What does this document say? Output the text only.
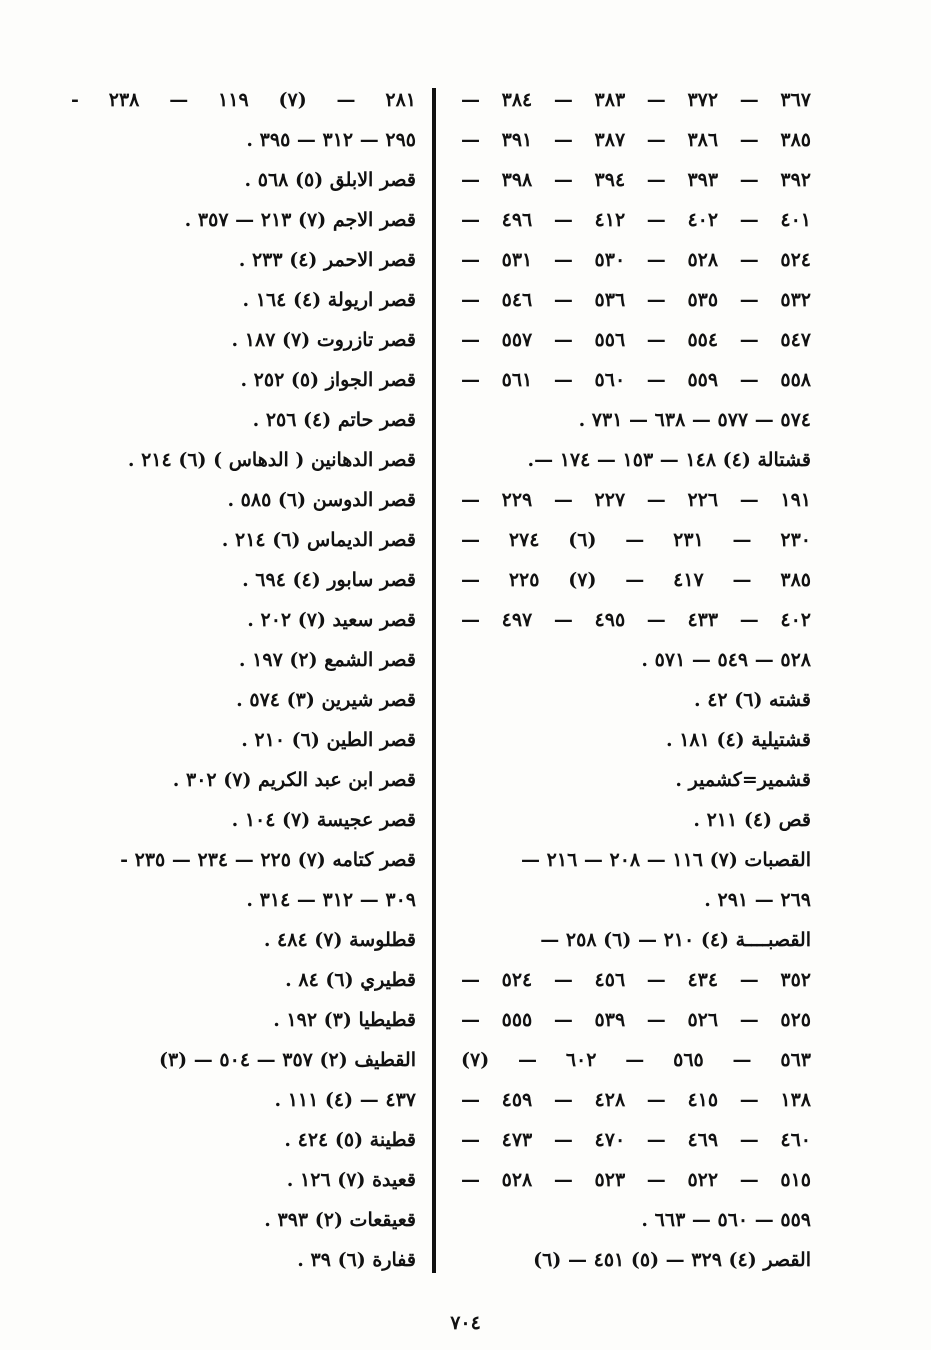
٣٦٧ — ٣٧٢ — ٣٨٣ — ٣٨٤ —
٣٨٥ — ٣٨٦ — ٣٨٧ — ٣٩١ —
٣٩٢ — ٣٩٣ — ٣٩٤ — ٣٩٨ —
٤٠١ — ٤٠٢ — ٤١٢ — ٤٩٦ —
٥٢٤ — ٥٢٨ — ٥٣٠ — ٥٣١ —
٥٣٢ — ٥٣٥ — ٥٣٦ — ٥٤٦ —
٥٤٧ — ٥٥٤ — ٥٥٦ — ٥٥٧ —
٥٥٨ — ٥٥٩ — ٥٦٠ — ٥٦١ —
٥٧٤ — ٥٧٧ — ٦٣٨ — ٧٣١ .
قشتالة (٤) ١٤٨ — ١٥٣ — ١٧٤ —.
١٩١ — ٢٢٦ — ٢٢٧ — ٢٢٩ —
٢٣٠ — ٢٣١ — (٦) ٢٧٤ —
٣٨٥ — ٤١٧ — (٧) ٢٢٥ —
٤٠٢ — ٤٣٣ — ٤٩٥ — ٤٩٧ —
٥٢٨ — ٥٤٩ — ٥٧١ .
قشته (٦) ٤٢ .
قشتيلية (٤) ١٨١ .
قشمير=كشمير .
قص (٤) ٢١١ .
القصبات (٧) ١١٦ — ٢٠٨ — ٢١٦ —
٢٦٩ — ٢٩١ .
القصبــــة (٤) ٢١٠ — (٦) ٢٥٨ —
٣٥٢ — ٤٣٤ — ٤٥٦ — ٥٢٤ —
٥٢٥ — ٥٢٦ — ٥٣٩ — ٥٥٥ —
٥٦٣ — ٥٦٥ — ٦٠٢ — (٧)
١٣٨ — ٤١٥ — ٤٢٨ — ٤٥٩ —
٤٦٠ — ٤٦٩ — ٤٧٠ — ٤٧٣ —
٥١٥ — ٥٢٢ — ٥٢٣ — ٥٢٨ —
٥٥٩ — ٥٦٠ — ٦٦٣ .
القصر (٤) ٣٢٩ — (٥) ٤٥١ — (٦)
٢٨١ — (٧) ١١٩ — ٢٣٨ -
٢٩٥ — ٣١٢ — ٣٩٥ .
قصر الابلق (٥) ٥٦٨ .
قصر الاجم (٧) ٢١٣ — ٣٥٧ .
قصر الاحمر (٤) ٢٣٣ .
قصر اريولة (٤) ١٦٤ .
قصر تازروت (٧) ١٨٧ .
قصر الجواز (٥) ٢٥٢ .
قصر حاتم (٤) ٢٥٦ .
قصر الدهانين ( الدهاس ) (٦) ٢١٤ .
قصر الدوسن (٦) ٥٨٥ .
قصر الديماس (٦) ٢١٤ .
قصر سابور (٤) ٦٩٤ .
قصر سعيد (٧) ٢٠٢ .
قصر الشمع (٢) ١٩٧ .
قصر شيرين (٣) ٥٧٤ .
قصر الطين (٦) ٢١٠ .
قصر ابن عبد الكريم (٧) ٣٠٢ .
قصر عجيسة (٧) ١٠٤ .
قصر كتامه (٧) ٢٢٥ — ٢٣٤ — ٢٣٥ -
٣٠٩ — ٣١٢ — ٣١٤ .
قطلوسة (٧) ٤٨٤ .
قطيري (٦) ٨٤ .
قطيطيا (٣) ١٩٢ .
القطيف (٢) ٣٥٧ — ٥٠٤ — (٣)
٤٣٧ — (٤) ١١١ .
قطينة (٥) ٤٢٤ .
قعيدة (٧) ١٢٦ .
قعيقعات (٢) ٣٩٣ .
قفارة (٦) ٣٩ .
٧٠٤
